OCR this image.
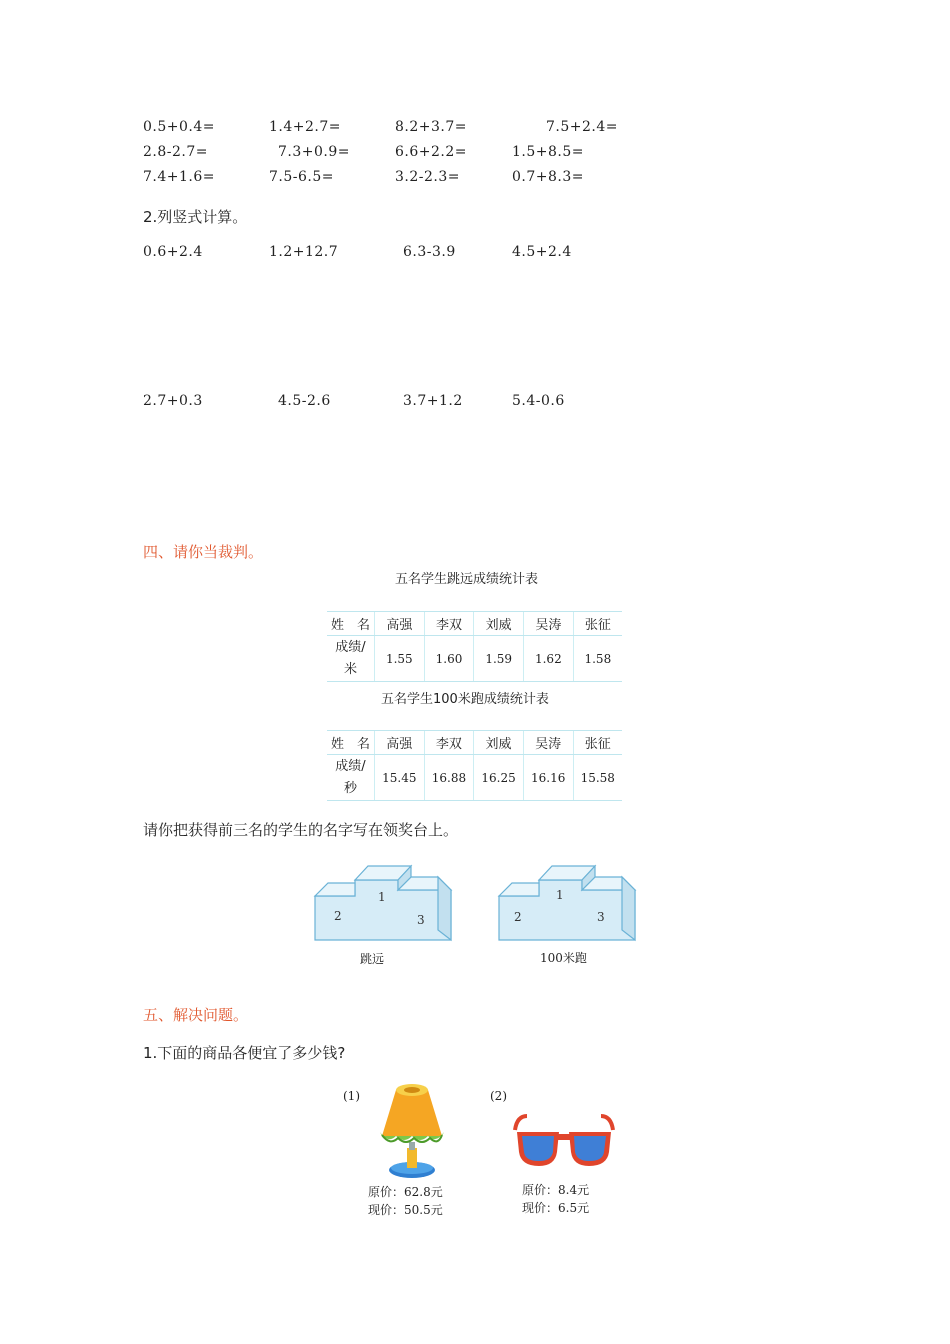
0.5+0.4=	1.4+2.7=	8.2+3.7=	7.5+2.4=
2.8-2.7=	7.3+0.9=	6.6+2.2=	1.5+8.5=
7.4+1.6=	7.5-6.5=	3.2-2.3=	0.7+8.3=
2.列竖式计算。
0.6+2.4	1.2+12.7	6.3-3.9	4.5+2.4
2.7+0.3	4.5-2.6	3.7+1.2	5.4-0.6
四、请你当裁判。
五名学生跳远成绩统计表
姓　名	高强	李双	刘威	吴涛	张征
成绩/
米	1.55	1.60	1.59	1.62	1.58
五名学生100米跑成绩统计表
姓　名	高强	李双	刘威	吴涛	张征
成绩/
秒	15.45	16.88	16.25	16.16	15.58
请你把获得前三名的学生的名字写在领奖台上。
1
2	3
跳远
1
2	3
100米跑
五、解决问题。
1.下面的商品各便宜了多少钱?
(1)
原价：62.8元
现价：50.5元
(2)
原价：8.4元
现价：6.5元
